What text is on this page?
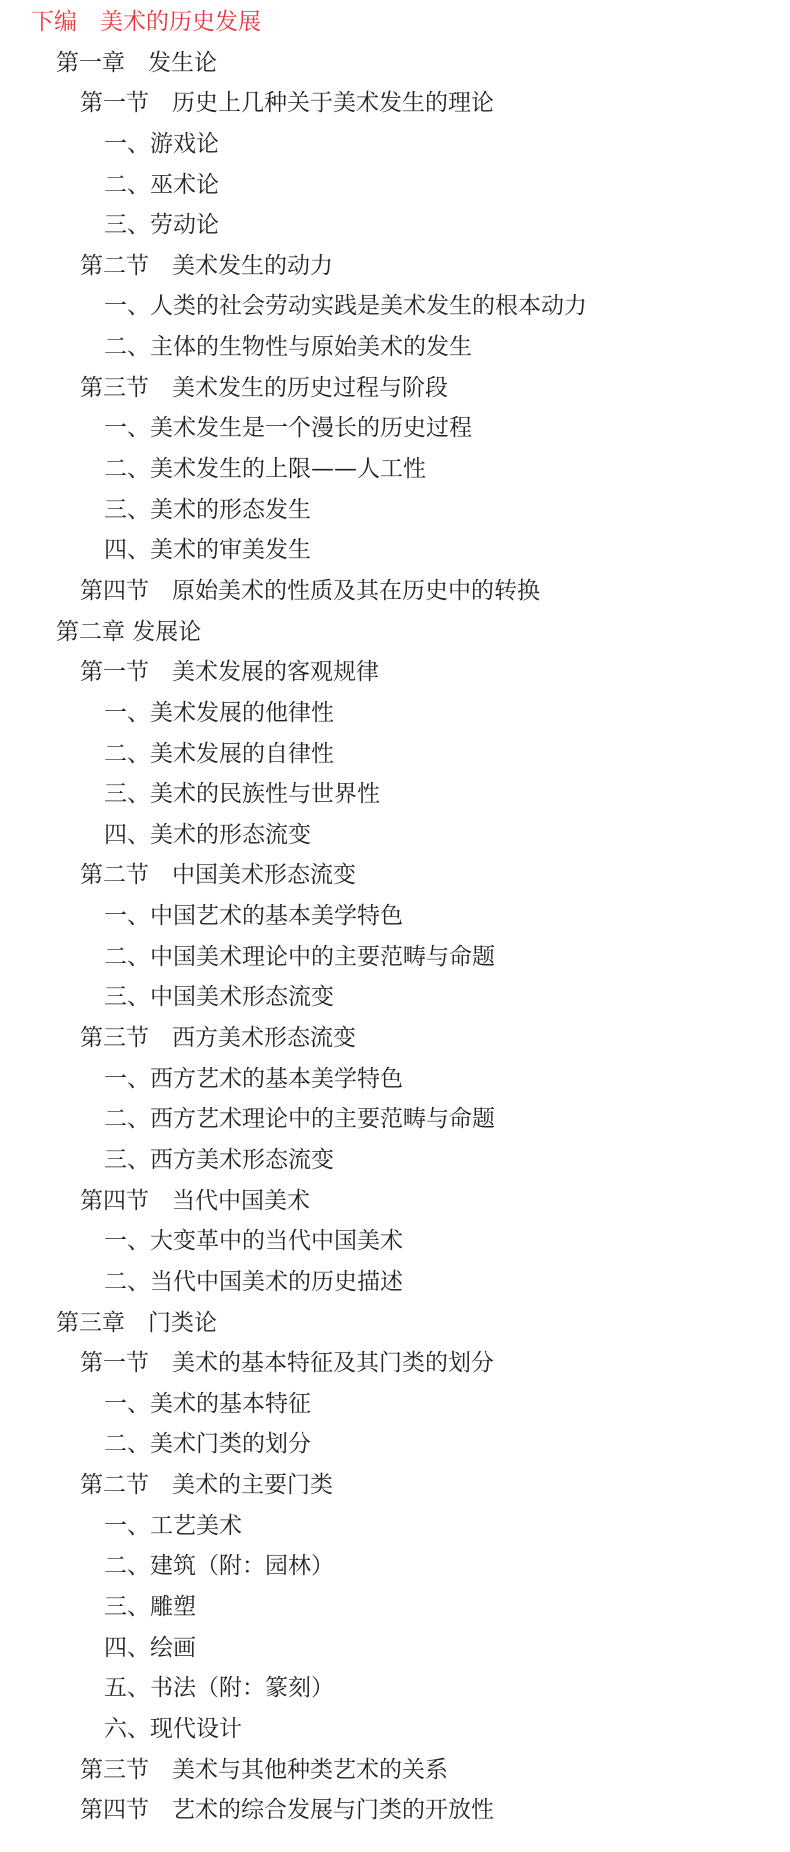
下编　美术的历史发展
第一章　发生论
第一节　历史上几种关于美术发生的理论
一、游戏论
二、巫术论
三、劳动论
第二节　美术发生的动力
一、人类的社会劳动实践是美术发生的根本动力
二、主体的生物性与原始美术的发生
第三节　美术发生的历史过程与阶段
一、美术发生是一个漫长的历史过程
二、美术发生的上限——人工性
三、美术的形态发生
四、美术的审美发生
第四节　原始美术的性质及其在历史中的转换
第二章 发展论
第一节　美术发展的客观规律
一、美术发展的他律性
二、美术发展的自律性
三、美术的民族性与世界性
四、美术的形态流变
第二节　中国美术形态流变
一、中国艺术的基本美学特色
二、中国美术理论中的主要范畴与命题
三、中国美术形态流变
第三节　西方美术形态流变
一、西方艺术的基本美学特色
二、西方艺术理论中的主要范畴与命题
三、西方美术形态流变
第四节　当代中国美术
一、大变革中的当代中国美术
二、当代中国美术的历史描述
第三章　门类论
第一节　美术的基本特征及其门类的划分
一、美术的基本特征
二、美术门类的划分
第二节　美术的主要门类
一、工艺美术
二、建筑（附：园林）
三、雕塑
四、绘画
五、书法（附：篆刻）
六、现代设计
第三节　美术与其他种类艺术的关系
第四节　艺术的综合发展与门类的开放性
